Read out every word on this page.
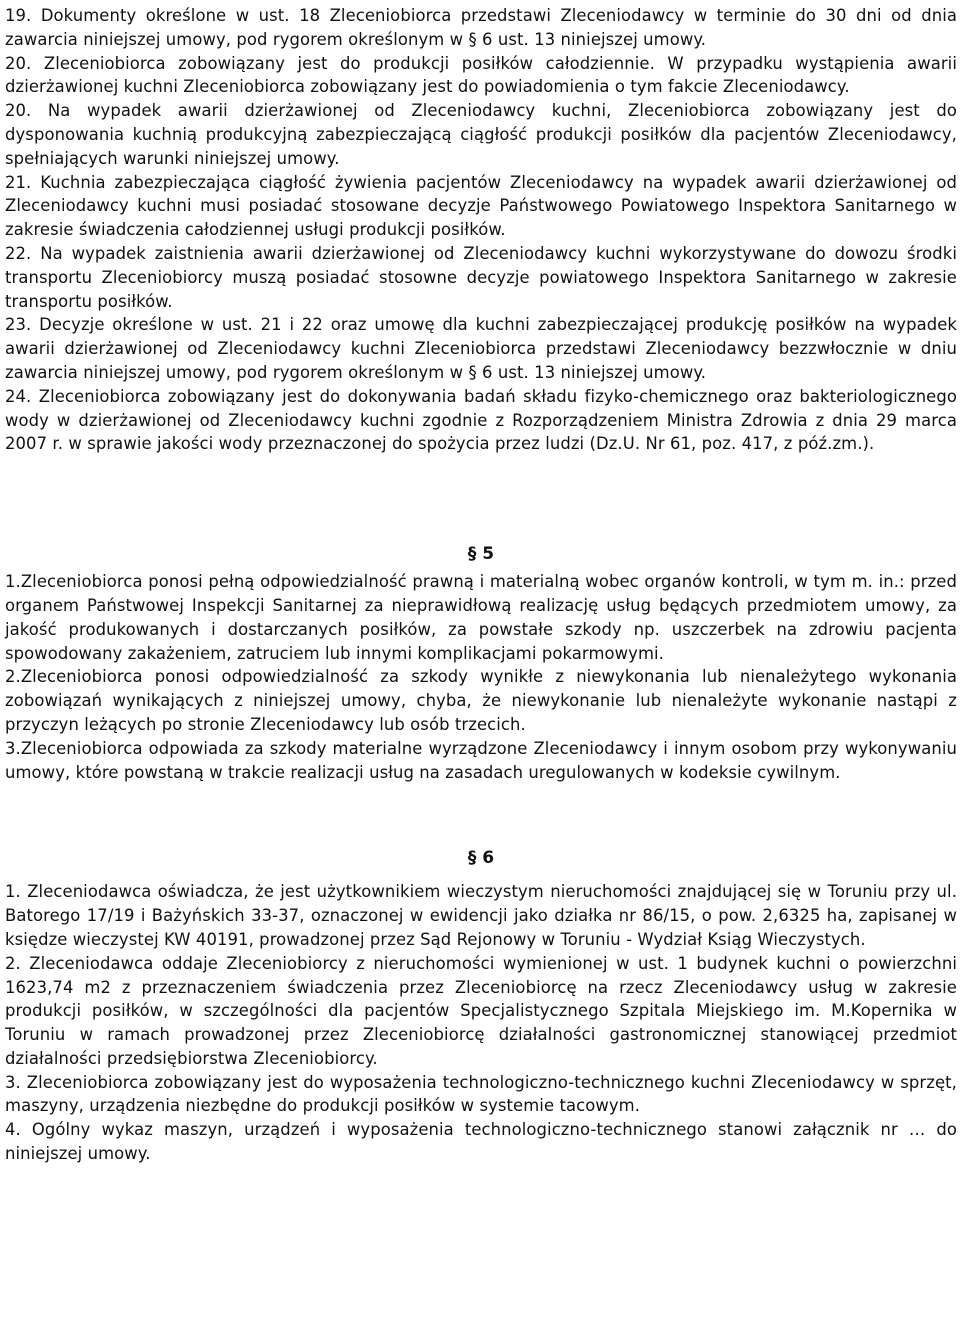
19. Dokumenty określone w ust. 18 Zleceniobiorca przedstawi Zleceniodawcy w terminie do 30 dni od dnia zawarcia niniejszej umowy, pod rygorem określonym w § 6 ust. 13 niniejszej umowy.

20. Zleceniobiorca zobowiązany jest do produkcji posiłków całodziennie. W przypadku wystąpienia awarii dzierżawionej kuchni Zleceniobiorca zobowiązany jest do powiadomienia o tym fakcie Zleceniodawcy.

20. Na wypadek awarii dzierżawionej od Zleceniodawcy kuchni, Zleceniobiorca zobowiązany jest do dysponowania kuchnią produkcyjną zabezpieczającą ciągłość produkcji posiłków dla pacjentów Zleceniodawcy, spełniających warunki niniejszej umowy.

21. Kuchnia zabezpieczająca ciągłość żywienia pacjentów Zleceniodawcy na wypadek awarii dzierżawionej od Zleceniodawcy kuchni musi posiadać stosowane decyzje Państwowego Powiatowego Inspektora Sanitarnego w zakresie świadczenia całodziennej usługi produkcji posiłków.

22. Na wypadek zaistnienia awarii dzierżawionej od Zleceniodawcy kuchni wykorzystywane do dowozu środki transportu Zleceniobiorcy muszą posiadać stosowne decyzje powiatowego Inspektora Sanitarnego w zakresie transportu posiłków.

23. Decyzje określone w ust. 21 i 22 oraz umowę dla kuchni zabezpieczającej produkcję posiłków na wypadek awarii dzierżawionej od Zleceniodawcy kuchni Zleceniobiorca przedstawi Zleceniodawcy bezzwłocznie w dniu zawarcia niniejszej umowy, pod rygorem określonym w § 6 ust. 13 niniejszej umowy.

24. Zleceniobiorca zobowiązany jest do dokonywania badań składu fizyko-chemicznego oraz bakteriologicznego wody w dzierżawionej od Zleceniodawcy kuchni zgodnie z Rozporządzeniem Ministra Zdrowia z dnia 29 marca 2007 r. w sprawie jakości wody przeznaczonej do spożycia przez ludzi (Dz.U. Nr 61, poz. 417, z póź.zm.).

§ 5

1.Zleceniobiorca ponosi pełną odpowiedzialność prawną i materialną wobec organów kontroli, w tym m. in.: przed organem Państwowej Inspekcji Sanitarnej za nieprawidłową realizację usług będących przedmiotem umowy, za jakość produkowanych i dostarczanych posiłków, za powstałe szkody np. uszczerbek na zdrowiu pacjenta spowodowany zakażeniem, zatruciem lub innymi komplikacjami pokarmowymi.

2.Zleceniobiorca ponosi odpowiedzialność za szkody wynikłe z niewykonania lub nienależytego wykonania zobowiązań wynikających z niniejszej umowy, chyba, że niewykonanie lub nienależyte wykonanie nastąpi z przyczyn leżących po stronie Zleceniodawcy lub osób trzecich.

3.Zleceniobiorca odpowiada za szkody materialne wyrządzone Zleceniodawcy i innym osobom przy wykonywaniu umowy, które powstaną w trakcie realizacji usług na zasadach uregulowanych w kodeksie cywilnym.

§ 6

1. Zleceniodawca oświadcza, że jest użytkownikiem wieczystym nieruchomości znajdującej się w Toruniu przy ul. Batorego 17/19 i Bażyńskich 33-37, oznaczonej w ewidencji jako działka nr 86/15, o pow. 2,6325 ha, zapisanej w księdze wieczystej KW 40191, prowadzonej przez Sąd Rejonowy w Toruniu - Wydział Ksiąg Wieczystych.

2. Zleceniodawca oddaje Zleceniobiorcy z nieruchomości wymienionej w ust. 1 budynek kuchni o powierzchni 1623,74 m2 z przeznaczeniem świadczenia przez Zleceniobiorcę na rzecz Zleceniodawcy usług w zakresie produkcji posiłków, w szczególności dla pacjentów Specjalistycznego Szpitala Miejskiego im. M.Kopernika w Toruniu w ramach prowadzonej przez Zleceniobiorcę działalności gastronomicznej stanowiącej przedmiot działalności przedsiębiorstwa Zleceniobiorcy.

3. Zleceniobiorca zobowiązany jest do wyposażenia technologiczno-technicznego kuchni Zleceniodawcy w sprzęt, maszyny, urządzenia niezbędne do produkcji posiłków w systemie tacowym.

4. Ogólny wykaz maszyn, urządzeń i wyposażenia technologiczno-technicznego stanowi załącznik nr … do niniejszej umowy.
